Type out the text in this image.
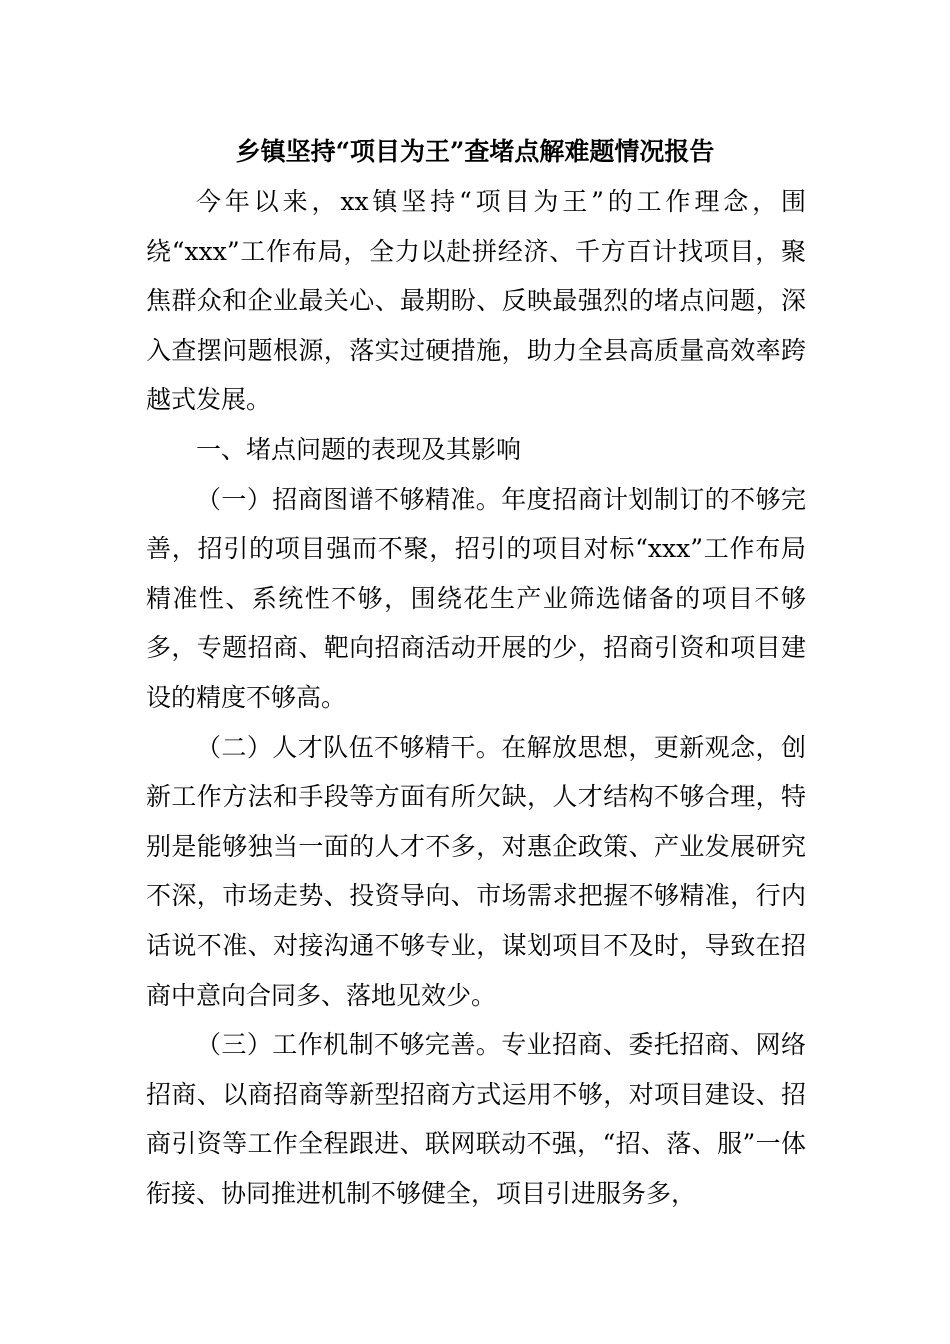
乡镇坚持“项目为王”查堵点解难题情况报告

今年以来，xx镇坚持“项目为王”的工作理念，围绕“xxx”工作布局，全力以赴拼经济、千方百计找项目，聚焦群众和企业最关心、最期盼、反映最强烈的堵点问题，深入查摆问题根源，落实过硬措施，助力全县高质量高效率跨越式发展。

一、堵点问题的表现及其影响

（一）招商图谱不够精准。年度招商计划制订的不够完善，招引的项目强而不聚，招引的项目对标“xxx”工作布局精准性、系统性不够，围绕花生产业筛选储备的项目不够多，专题招商、靶向招商活动开展的少，招商引资和项目建设的精度不够高。

（二）人才队伍不够精干。在解放思想，更新观念，创新工作方法和手段等方面有所欠缺，人才结构不够合理，特别是能够独当一面的人才不多，对惠企政策、产业发展研究不深，市场走势、投资导向、市场需求把握不够精准，行内话说不准、对接沟通不够专业，谋划项目不及时，导致在招商中意向合同多、落地见效少。

（三）工作机制不够完善。专业招商、委托招商、网络招商、以商招商等新型招商方式运用不够，对项目建设、招商引资等工作全程跟进、联网联动不强，“招、落、服”一体衔接、协同推进机制不够健全，项目引进服务多，
